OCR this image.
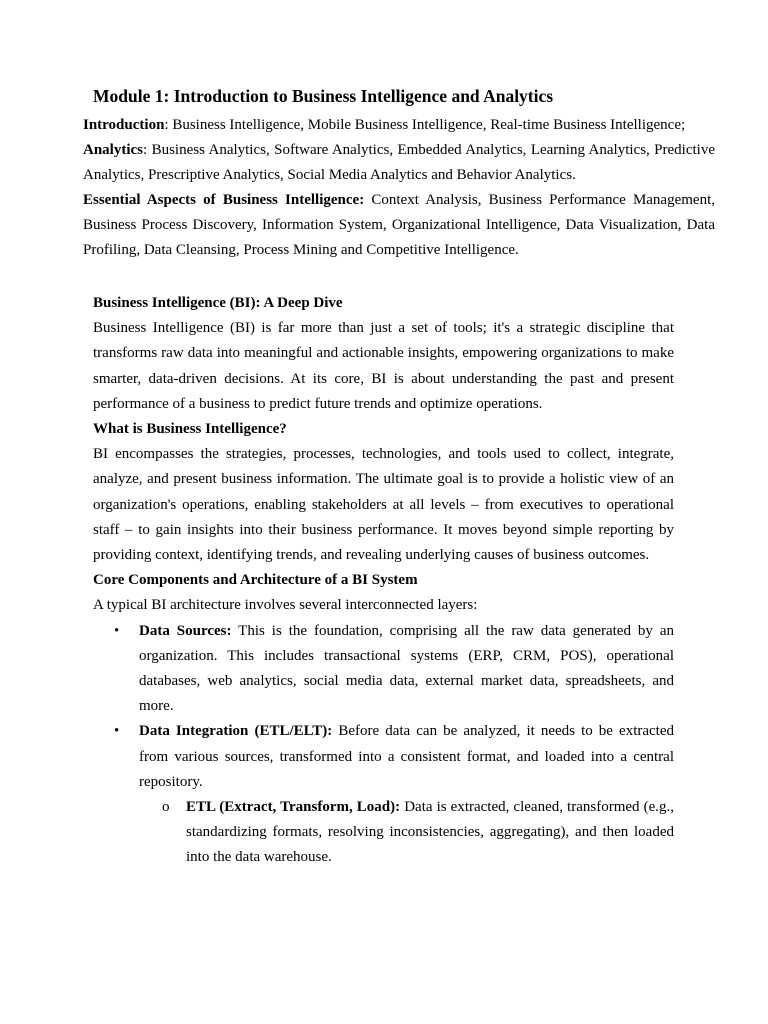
Module 1: Introduction to Business Intelligence and Analytics

Introduction: Business Intelligence, Mobile Business Intelligence, Real-time Business Intelligence;

Analytics: Business Analytics, Software Analytics, Embedded Analytics, Learning Analytics, Predictive Analytics, Prescriptive Analytics, Social Media Analytics and Behavior Analytics.

Essential Aspects of Business Intelligence: Context Analysis, Business Performance Management, Business Process Discovery, Information System, Organizational Intelligence, Data Visualization, Data Profiling, Data Cleansing, Process Mining and Competitive Intelligence.

Business Intelligence (BI): A Deep Dive

Business Intelligence (BI) is far more than just a set of tools; it's a strategic discipline that transforms raw data into meaningful and actionable insights, empowering organizations to make smarter, data-driven decisions. At its core, BI is about understanding the past and present performance of a business to predict future trends and optimize operations.

What is Business Intelligence?

BI encompasses the strategies, processes, technologies, and tools used to collect, integrate, analyze, and present business information. The ultimate goal is to provide a holistic view of an organization's operations, enabling stakeholders at all levels – from executives to operational staff – to gain insights into their business performance. It moves beyond simple reporting by providing context, identifying trends, and revealing underlying causes of business outcomes.

Core Components and Architecture of a BI System

A typical BI architecture involves several interconnected layers:

• Data Sources: This is the foundation, comprising all the raw data generated by an organization. This includes transactional systems (ERP, CRM, POS), operational databases, web analytics, social media data, external market data, spreadsheets, and more.
• Data Integration (ETL/ELT): Before data can be analyzed, it needs to be extracted from various sources, transformed into a consistent format, and loaded into a central repository.
o ETL (Extract, Transform, Load): Data is extracted, cleaned, transformed (e.g., standardizing formats, resolving inconsistencies, aggregating), and then loaded into the data warehouse.
